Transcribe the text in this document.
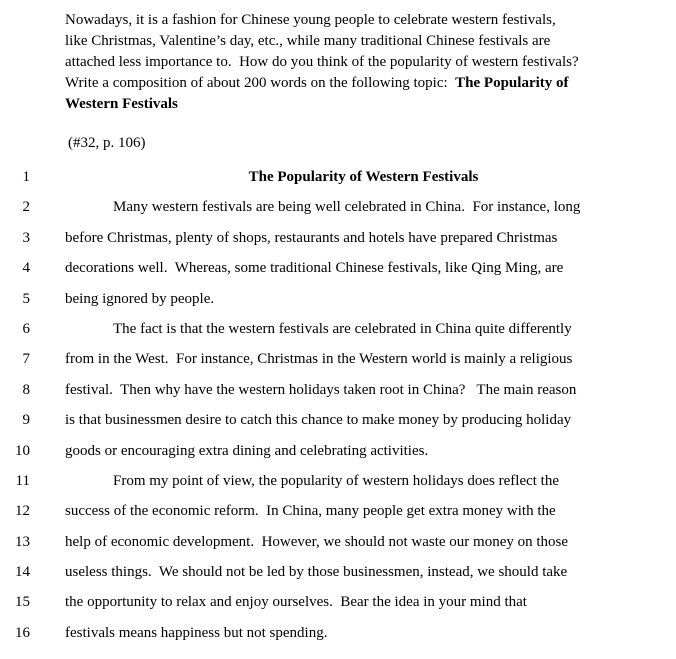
Nowadays, it is a fashion for Chinese young people to celebrate western festivals,
like Christmas, Valentine’s day, etc., while many traditional Chinese festivals are
attached less importance to.  How do you think of the popularity of western festivals?
Write a composition of about 200 words on the following topic:  The Popularity of
Western Festivals
(#32, p. 106)
1	The Popularity of Western Festivals
2	Many western festivals are being well celebrated in China.  For instance, long
3 before Christmas, plenty of shops, restaurants and hotels have prepared Christmas
4 decorations well.  Whereas, some traditional Chinese festivals, like Qing Ming, are
5 being ignored by people.
6	The fact is that the western festivals are celebrated in China quite differently
7 from in the West.  For instance, Christmas in the Western world is mainly a religious
8 festival.  Then why have the western holidays taken root in China?   The main reason
9 is that businessmen desire to catch this chance to make money by producing holiday
10 goods or encouraging extra dining and celebrating activities.
11	From my point of view, the popularity of western holidays does reflect the
12 success of the economic reform.  In China, many people get extra money with the
13 help of economic development.  However, we should not waste our money on those
14 useless things.  We should not be led by those businessmen, instead, we should take
15 the opportunity to relax and enjoy ourselves.  Bear the idea in your mind that
16 festivals means happiness but not spending.
